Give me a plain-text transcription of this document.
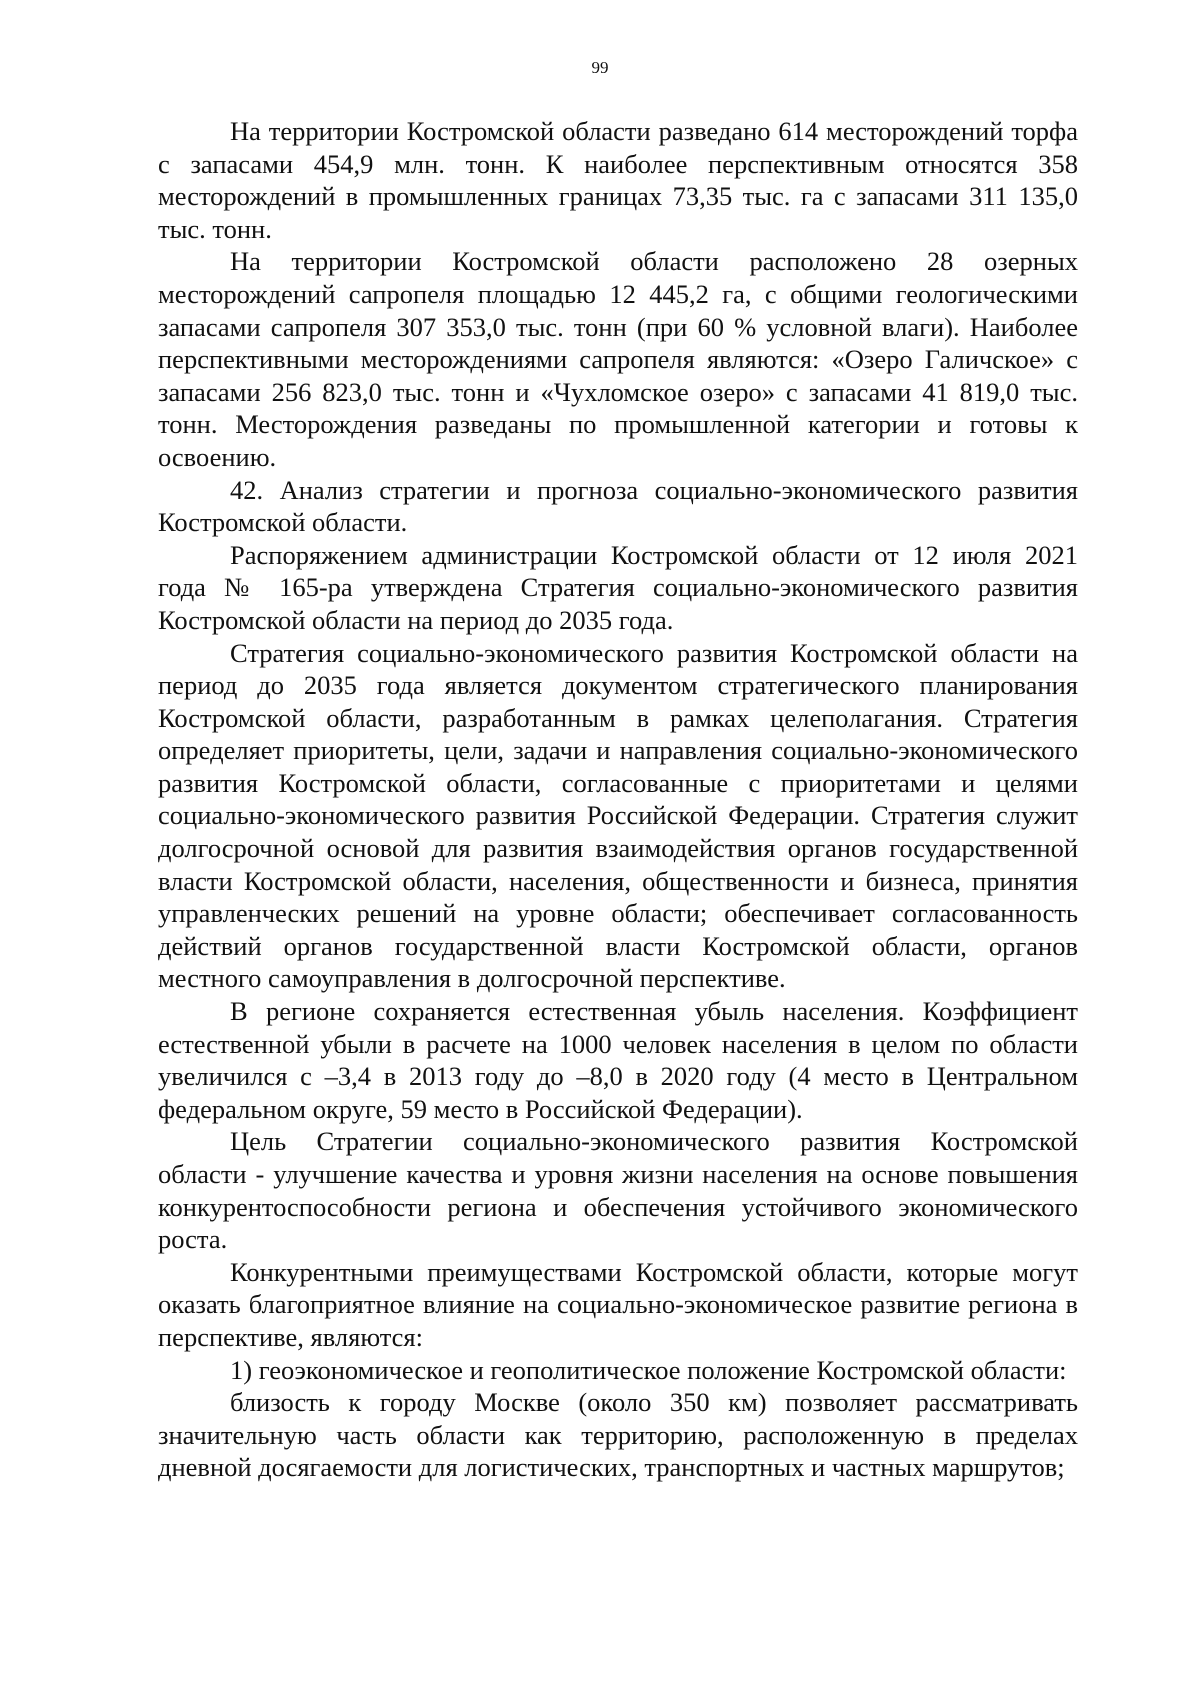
99

На территории Костромской области разведано 614 месторождений торфа с запасами 454,9 млн. тонн. К наиболее перспективным относятся 358 месторождений в промышленных границах 73,35 тыс. га с запасами 311 135,0 тыс. тонн.

На территории Костромской области расположено 28 озерных месторождений сапропеля площадью 12 445,2 га, с общими геологическими запасами сапропеля 307 353,0 тыс. тонн (при 60 % условной влаги). Наиболее перспективными месторождениями сапропеля являются: «Озеро Галичское» с запасами 256 823,0 тыс. тонн и «Чухломское озеро» с запасами 41 819,0 тыс. тонн. Месторождения разведаны по промышленной категории и готовы к освоению.

42. Анализ стратегии и прогноза социально-экономического развития Костромской области.

Распоряжением администрации Костромской области от 12 июля 2021 года № 165-ра утверждена Стратегия социально-экономического развития Костромской области на период до 2035 года.

Стратегия социально-экономического развития Костромской области на период до 2035 года является документом стратегического планирования Костромской области, разработанным в рамках целеполагания. Стратегия определяет приоритеты, цели, задачи и направления социально-экономического развития Костромской области, согласованные с приоритетами и целями социально-экономического развития Российской Федерации. Стратегия служит долгосрочной основой для развития взаимодействия органов государственной власти Костромской области, населения, общественности и бизнеса, принятия управленческих решений на уровне области; обеспечивает согласованность действий органов государственной власти Костромской области, органов местного самоуправления в долгосрочной перспективе.

В регионе сохраняется естественная убыль населения. Коэффициент естественной убыли в расчете на 1000 человек населения в целом по области увеличился с –3,4 в 2013 году до –8,0 в 2020 году (4 место в Центральном федеральном округе, 59 место в Российской Федерации).

Цель Стратегии социально-экономического развития Костромской области - улучшение качества и уровня жизни населения на основе повышения конкурентоспособности региона и обеспечения устойчивого экономического роста.

Конкурентными преимуществами Костромской области, которые могут оказать благоприятное влияние на социально-экономическое развитие региона в перспективе, являются:

1) геоэкономическое и геополитическое положение Костромской области:

близость к городу Москве (около 350 км) позволяет рассматривать значительную часть области как территорию, расположенную в пределах дневной досягаемости для логистических, транспортных и частных маршрутов;
